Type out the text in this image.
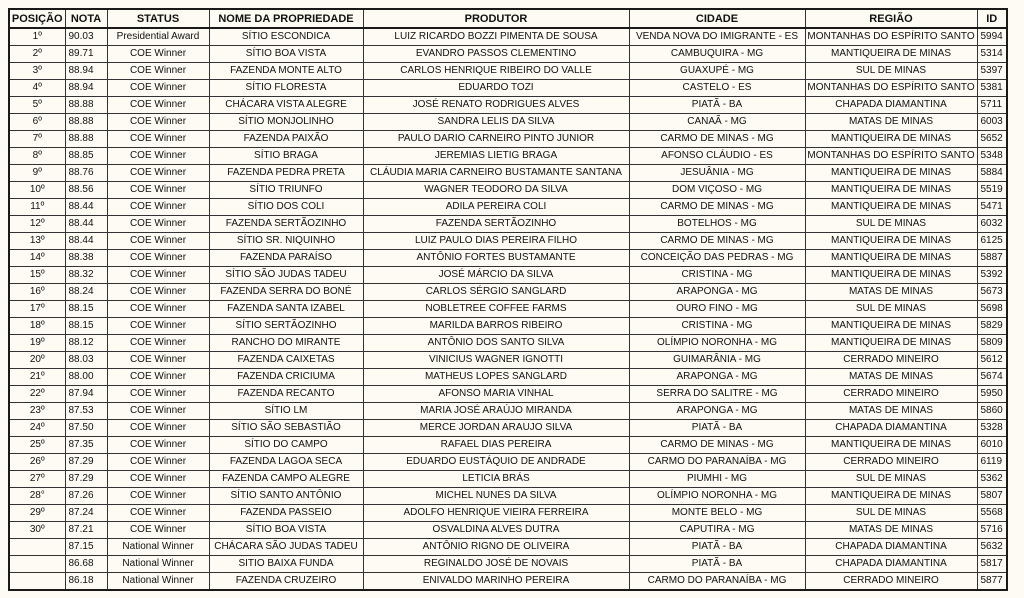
POSIÇÃO	NOTA	STATUS	NOME DA PROPRIEDADE	PRODUTOR	CIDADE	REGIÃO	ID
1º	90.03	Presidential Award	SÍTIO ESCONDICA	LUIZ RICARDO BOZZI PIMENTA DE SOUSA	VENDA NOVA DO IMIGRANTE - ES	MONTANHAS DO ESPÍRITO SANTO	5994
2º	89.71	COE Winner	SÍTIO BOA VISTA	EVANDRO PASSOS CLEMENTINO	CAMBUQUIRA - MG	MANTIQUEIRA DE MINAS	5314
3º	88.94	COE Winner	FAZENDA MONTE ALTO	CARLOS HENRIQUE RIBEIRO DO VALLE	GUAXUPÉ - MG	SUL DE MINAS	5397
4º	88.94	COE Winner	SÍTIO FLORESTA	EDUARDO TOZI	CASTELO - ES	MONTANHAS DO ESPÍRITO SANTO	5381
5º	88.88	COE Winner	CHÁCARA VISTA ALEGRE	JOSÉ RENATO RODRIGUES ALVES	PIATÃ - BA	CHAPADA DIAMANTINA	5711
6º	88.88	COE Winner	SÍTIO MONJOLINHO	SANDRA LELIS DA SILVA	CANAÃ - MG	MATAS DE MINAS	6003
7º	88.88	COE Winner	FAZENDA PAIXÃO	PAULO DARIO CARNEIRO PINTO JUNIOR	CARMO DE MINAS - MG	MANTIQUEIRA DE MINAS	5652
8º	88.85	COE Winner	SÍTIO BRAGA	JEREMIAS LIETIG BRAGA	AFONSO CLÁUDIO - ES	MONTANHAS DO ESPÍRITO SANTO	5348
9º	88.76	COE Winner	FAZENDA PEDRA PRETA	CLÁUDIA MARIA CARNEIRO BUSTAMANTE SANTANA	JESUÂNIA - MG	MANTIQUEIRA DE MINAS	5884
10º	88.56	COE Winner	SÍTIO TRIUNFO	WAGNER TEODORO DA SILVA	DOM VIÇOSO - MG	MANTIQUEIRA DE MINAS	5519
11º	88.44	COE Winner	SÍTIO DOS COLI	ADILA PEREIRA COLI	CARMO DE MINAS - MG	MANTIQUEIRA DE MINAS	5471
12º	88.44	COE Winner	FAZENDA SERTÃOZINHO	FAZENDA SERTÃOZINHO	BOTELHOS - MG	SUL DE MINAS	6032
13º	88.44	COE Winner	SÍTIO SR. NIQUINHO	LUIZ PAULO DIAS PEREIRA FILHO	CARMO DE MINAS - MG	MANTIQUEIRA DE MINAS	6125
14º	88.38	COE Winner	FAZENDA PARAÍSO	ANTÔNIO FORTES BUSTAMANTE	CONCEIÇÃO DAS PEDRAS - MG	MANTIQUEIRA DE MINAS	5887
15º	88.32	COE Winner	SÍTIO SÃO JUDAS TADEU	JOSÉ MÁRCIO DA SILVA	CRISTINA - MG	MANTIQUEIRA DE MINAS	5392
16º	88.24	COE Winner	FAZENDA SERRA DO BONÉ	CARLOS SÉRGIO SANGLARD	ARAPONGA - MG	MATAS DE MINAS	5673
17º	88.15	COE Winner	FAZENDA SANTA IZABEL	NOBLETREE COFFEE FARMS	OURO FINO - MG	SUL DE MINAS	5698
18º	88.15	COE Winner	SÍTIO SERTÃOZINHO	MARILDA BARROS RIBEIRO	CRISTINA - MG	MANTIQUEIRA DE MINAS	5829
19º	88.12	COE Winner	RANCHO DO MIRANTE	ANTÔNIO DOS SANTO SILVA	OLÍMPIO NORONHA - MG	MANTIQUEIRA DE MINAS	5809
20º	88.03	COE Winner	FAZENDA CAIXETAS	VINICIUS WAGNER IGNOTTI	GUIMARÂNIA - MG	CERRADO MINEIRO	5612
21º	88.00	COE Winner	FAZENDA CRICIUMA	MATHEUS LOPES SANGLARD	ARAPONGA - MG	MATAS DE MINAS	5674
22º	87.94	COE Winner	FAZENDA RECANTO	AFONSO MARIA VINHAL	SERRA DO SALITRE - MG	CERRADO MINEIRO	5950
23º	87.53	COE Winner	SÍTIO LM	MARIA JOSÉ ARAÚJO MIRANDA	ARAPONGA - MG	MATAS DE MINAS	5860
24º	87.50	COE Winner	SÍTIO SÃO SEBASTIÃO	MERCE JORDAN ARAUJO SILVA	PIATÃ - BA	CHAPADA DIAMANTINA	5328
25º	87.35	COE Winner	SÍTIO DO CAMPO	RAFAEL DIAS PEREIRA	CARMO DE MINAS - MG	MANTIQUEIRA DE MINAS	6010
26º	87.29	COE Winner	FAZENDA LAGOA SECA	EDUARDO EUSTÁQUIO DE ANDRADE	CARMO DO PARANAÍBA - MG	CERRADO MINEIRO	6119
27º	87.29	COE Winner	FAZENDA CAMPO ALEGRE	LETICIA BRÁS	PIUMHI - MG	SUL DE MINAS	5362
28°	87.26	COE Winner	SÍTIO SANTO ANTÔNIO	MICHEL NUNES DA SILVA	OLÍMPIO NORONHA - MG	MANTIQUEIRA DE MINAS	5807
29º	87.24	COE Winner	FAZENDA PASSEIO	ADOLFO HENRIQUE VIEIRA FERREIRA	MONTE BELO - MG	SUL DE MINAS	5568
30º	87.21	COE Winner	SÍTIO BOA VISTA	OSVALDINA ALVES DUTRA	CAPUTIRA - MG	MATAS DE MINAS	5716
	87.15	National Winner	CHÁCARA SÃO JUDAS TADEU	ANTÔNIO RIGNO DE OLIVEIRA	PIATÃ - BA	CHAPADA DIAMANTINA	5632
	86.68	National Winner	SITIO BAIXA FUNDA	REGINALDO JOSÉ DE NOVAIS	PIATÃ - BA	CHAPADA DIAMANTINA	5817
	86.18	National Winner	FAZENDA CRUZEIRO	ENIVALDO MARINHO PEREIRA	CARMO DO PARANAÍBA - MG	CERRADO MINEIRO	5877
